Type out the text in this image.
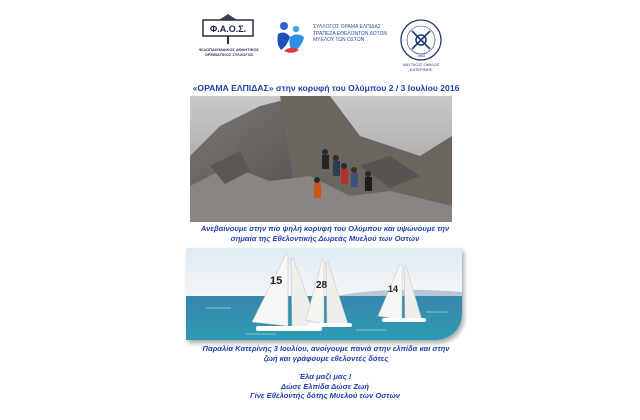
Φ.Α.Ο.Σ.
ΦΙΛΟΠΑΙΧΝΙΔΙΚΟΣ ΑΘΛΗΤΙΚΟΣ
ΟΡΕΙΒΑΤΙΚΟΣ ΣΥΛΛΟΓΟΣ
ΣΥΛΛΟΓΟΣ ΟΡΑΜΑ ΕΛΠΙΔΑΣ
ΤΡΑΠΕΖΑ ΕΘΕΛΟΝΤΩΝ ΔΟΤΩΝ
ΜΥΕΛΟΥ ΤΩΝ ΟΣΤΩΝ
1983
ΝΑΥΤΙΚΟΣ ΟΜΙΛΟΣ
ΚΑΤΕΡΙΝΗΣ
«ΟΡΑΜΑ ΕΛΠΙΔΑΣ» στην κορυφή του Ολύμπου 2 / 3 Ιουλίου 2016
Ανεβαίνουμε στην πιο ψηλή κορυφή του Ολύμπου και υψώνουμε την
σημαία της Εθελοντικής Δωρεάς Μυελού των Οστών
15	28	14
Παραλία Κατερίνης 3 Ιουλίου, ανοίγουμε πανιά στην ελπίδα και στην
ζωή και γράφουμε εθελοντές δότες
Έλα μαζί μας !
Δώσε Ελπίδα Δώσε Ζωή
Γίνε Εθελοντής δότης Μυελού των Οστών
